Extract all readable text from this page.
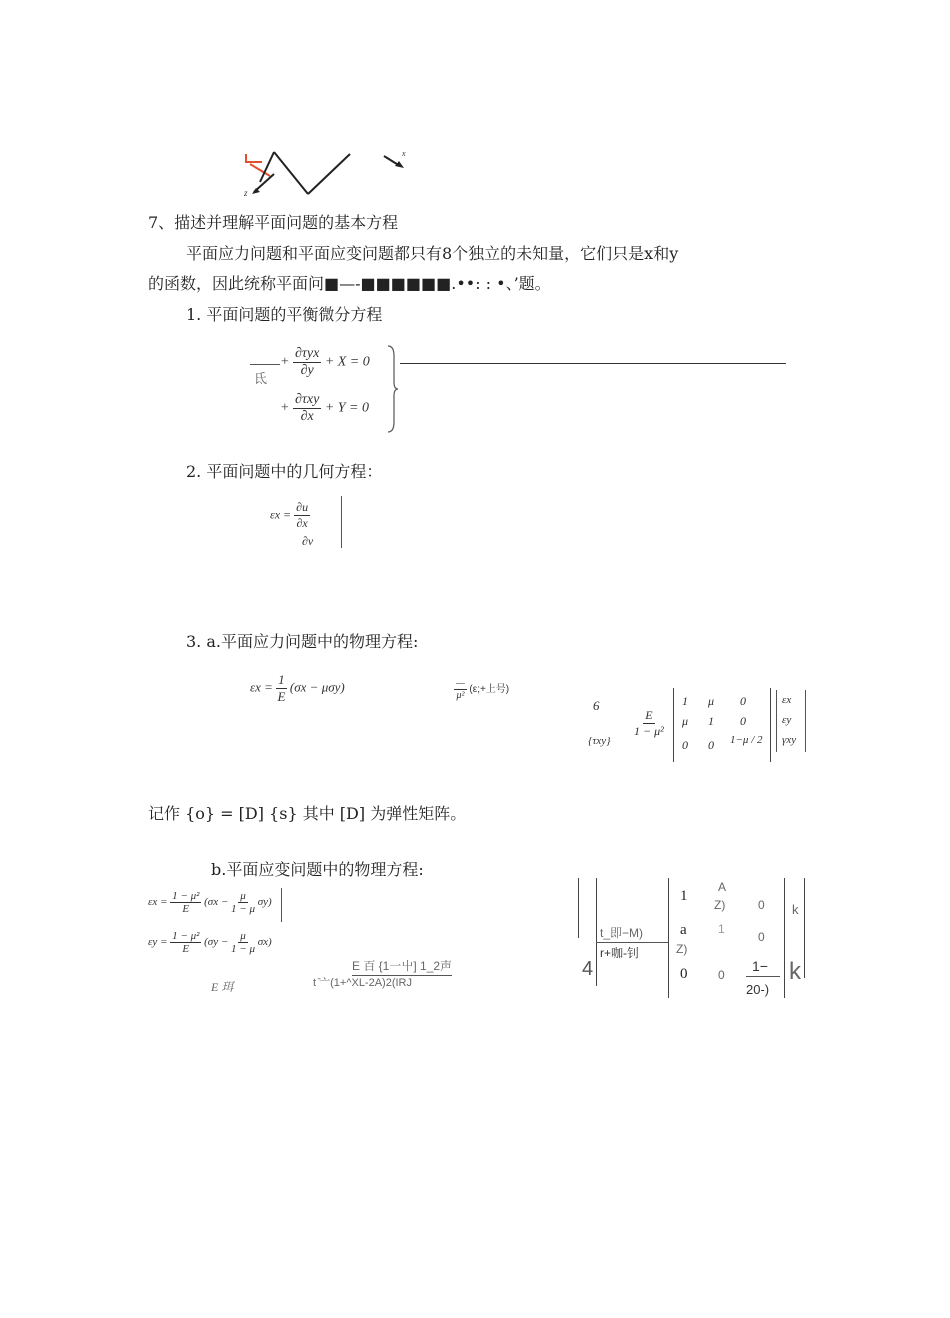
x
z
7、描述并理解平面问题的基本方程
平面应力问题和平面应变问题都只有8个独立的未知量，它们只是x和y
的函数，因此统称平面问■—-■■■■■■.••: : •、’题。
1. 平面问题的平衡微分方程
氐
+ $\frac{\text{∂τyx}}{\partial y} + X = 0$
+ $\frac{\text{∂τxy}}{\partial x} + Y = 0$
2. 平面问题中的几何方程：
$\varepsilon x = \frac{\partial u}{\partial x}$
∂v
3. a.平面应力问题中的物理方程:
$\varepsilon x = \frac{1}{E} (\sigma x - \mu\sigma y)$	$\frac{—}{\text{μ²}}$ (ε;+上号)
6
{τxy}
$\frac{E}{\text{1 − μ²}}$
1 μ 0
μ 1 0
0 0 1−μ / 2
εx
εy
γxy
记作 {o} = [D] {s} 其中 [D] 为弹性矩阵。
b.平面应变问题中的物理方程:
$\varepsilon x = \frac{\text{1 − μ²}}{E} (\sigma x - \frac{\mu}{1 - \mu} \sigma y)$
$\varepsilon y = \frac{\text{1 − μ²}}{E} (\sigma y - \frac{\mu}{1 - \mu} \sigma x)$
E 珥
E 百 {1一屮] 1_2声
t ̄亠(1+^XL-2A)2(IRJ
4
t_即−M)
r+咖-钊
1
a
0
A
Z)
1
Z)
0
0
0
1−
20-)
k
k
